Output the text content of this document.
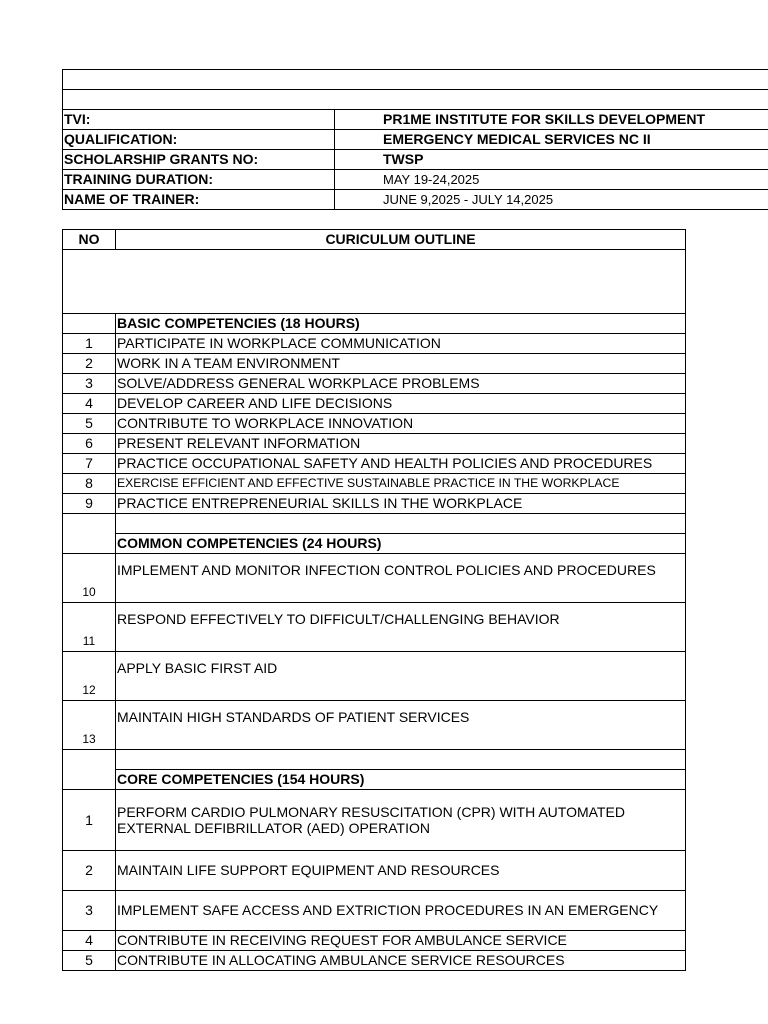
TVI:	PR1ME INSTITUTE FOR SKILLS DEVELOPMENT
QUALIFICATION:	EMERGENCY MEDICAL SERVICES NC II
SCHOLARSHIP GRANTS NO:	TWSP
TRAINING DURATION:	MAY 19-24,2025
NAME OF TRAINER:	JUNE 9,2025 - JULY 14,2025
NO	CURICULUM OUTLINE

	BASIC COMPETENCIES (18 HOURS)
1	PARTICIPATE IN WORKPLACE COMMUNICATION
2	WORK IN A TEAM ENVIRONMENT
3	SOLVE/ADDRESS GENERAL WORKPLACE PROBLEMS
4	DEVELOP CAREER AND LIFE DECISIONS
5	CONTRIBUTE TO WORKPLACE INNOVATION
6	PRESENT RELEVANT INFORMATION
7	PRACTICE OCCUPATIONAL SAFETY AND HEALTH POLICIES AND PROCEDURES
8	EXERCISE EFFICIENT AND EFFECTIVE SUSTAINABLE PRACTICE IN THE WORKPLACE
9	PRACTICE ENTREPRENEURIAL SKILLS IN THE WORKPLACE

	COMMON COMPETENCIES (24 HOURS)
10	IMPLEMENT AND MONITOR INFECTION CONTROL POLICIES AND PROCEDURES
11	RESPOND EFFECTIVELY TO DIFFICULT/CHALLENGING BEHAVIOR
12	APPLY BASIC FIRST AID
13	MAINTAIN HIGH STANDARDS OF PATIENT SERVICES

	CORE COMPETENCIES (154 HOURS)
1	PERFORM CARDIO PULMONARY RESUSCITATION (CPR) WITH AUTOMATED EXTERNAL DEFIBRILLATOR (AED) OPERATION
2	MAINTAIN LIFE SUPPORT EQUIPMENT AND RESOURCES
3	IMPLEMENT SAFE ACCESS AND EXTRICTION PROCEDURES IN AN EMERGENCY
4	CONTRIBUTE IN RECEIVING REQUEST FOR AMBULANCE SERVICE
5	CONTRIBUTE IN ALLOCATING AMBULANCE SERVICE RESOURCES
